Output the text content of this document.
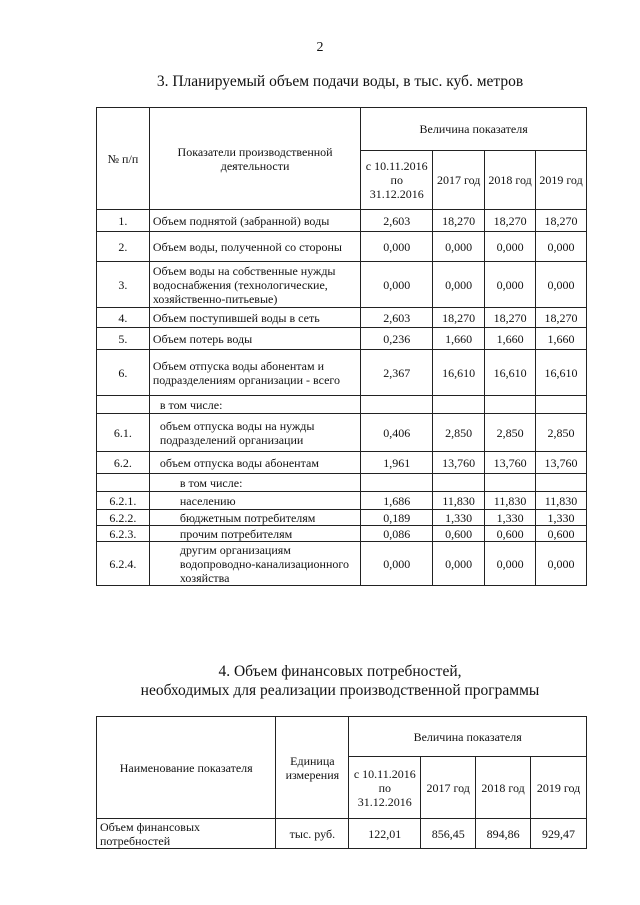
2
3. Планируемый объем подачи воды, в тыс. куб. метров
№ п/п	Показатели производственной деятельности	Величина показателя			
		с 10.11.2016 по 31.12.2016	2017 год	2018 год	2019 год
1.	Объем поднятой (забранной) воды	2,603	18,270	18,270	18,270
2.	Объем воды, полученной со стороны	0,000	0,000	0,000	0,000
3.	Объем воды на собственные нужды водоснабжения (технологические, хозяйственно-питьевые)	0,000	0,000	0,000	0,000
4.	Объем поступившей воды в сеть	2,603	18,270	18,270	18,270
5.	Объем потерь воды	0,236	1,660	1,660	1,660
6.	Объем отпуска воды абонентам и подразделениям организации - всего	2,367	16,610	16,610	16,610
	в том числе:				
6.1.	объем отпуска воды на нужды подразделений организации	0,406	2,850	2,850	2,850
6.2.	объем отпуска воды абонентам	1,961	13,760	13,760	13,760
	в том числе:				
6.2.1.	населению	1,686	11,830	11,830	11,830
6.2.2.	бюджетным потребителям	0,189	1,330	1,330	1,330
6.2.3.	прочим потребителям	0,086	0,600	0,600	0,600
6.2.4.	другим организациям водопроводно-канализационного хозяйства	0,000	0,000	0,000	0,000
4. Объем финансовых потребностей,
необходимых для реализации производственной программы
Наименование показателя	Единица измерения	Величина показателя			
		с 10.11.2016 по 31.12.2016	2017 год	2018 год	2019 год
Объем финансовых потребностей	тыс. руб.	122,01	856,45	894,86	929,47
